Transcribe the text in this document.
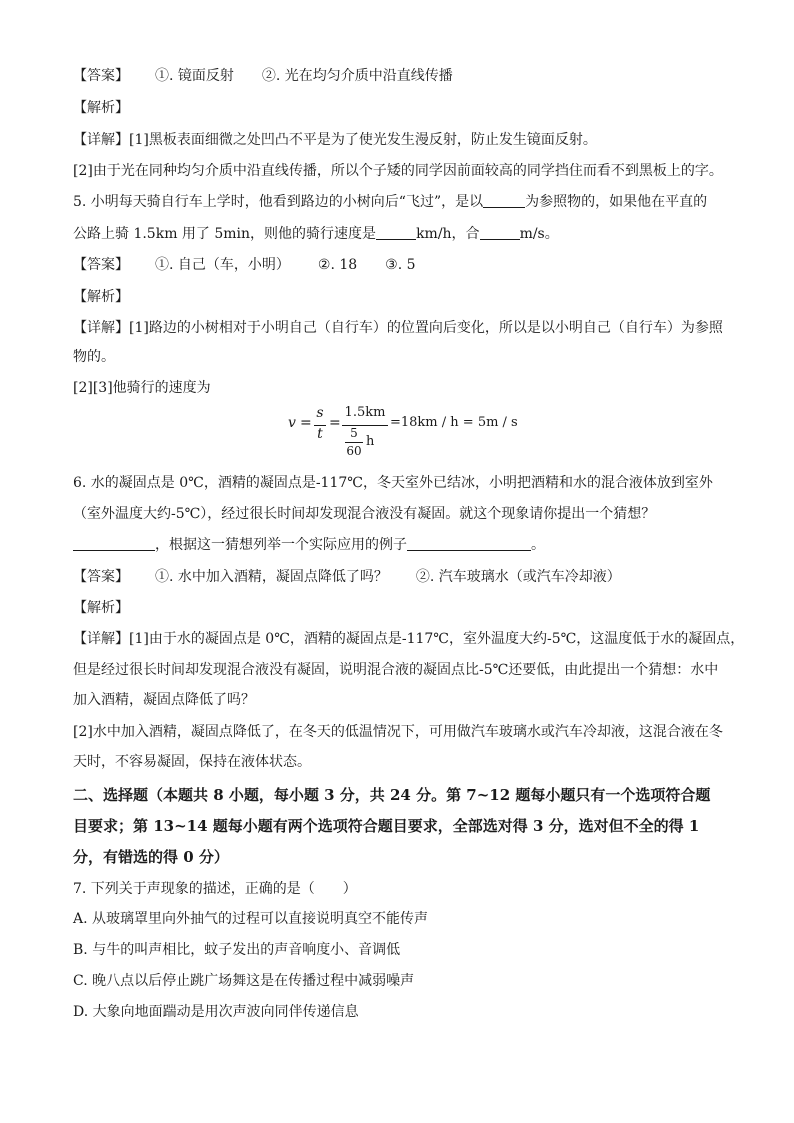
【答案】 ①. 镜面反射 ②. 光在均匀介质中沿直线传播
【解析】
【详解】[1]黑板表面细微之处凹凸不平是为了使光发生漫反射，防止发生镜面反射。
[2]由于光在同种均匀介质中沿直线传播，所以个子矮的同学因前面较高的同学挡住而看不到黑板上的字。
5. 小明每天骑自行车上学时，他看到路边的小树向后“飞过”，是以	为参照物的，如果他在平直的
公路上骑 1.5km 用了 5min，则他的骑行速度是	km/h，合	m/s。
【答案】 ①. 自己（车，小明） ②. 18 ③. 5
【解析】
【详解】[1]路边的小树相对于小明自己（自行车）的位置向后变化，所以是以小明自己（自行车）为参照
物的。
[2][3]他骑行的速度为
v =
s
t
=
1.5km
5
60
h
=18km / h = 5m / s
6. 水的凝固点是 0℃，酒精的凝固点是-117℃，冬天室外已结冰，小明把酒精和水的混合液体放到室外
（室外温度大约-5℃），经过很长时间却发现混合液没有凝固。就这个现象请你提出一个猜想？
，根据这一猜想列举一个实际应用的例子	。
【答案】 ①. 水中加入酒精，凝固点降低了吗？ ②. 汽车玻璃水（或汽车冷却液）
【解析】
【详解】[1]由于水的凝固点是 0℃，酒精的凝固点是-117℃，室外温度大约-5℃，这温度低于水的凝固点，
但是经过很长时间却发现混合液没有凝固，说明混合液的凝固点比-5℃还要低，由此提出一个猜想：水中
加入酒精，凝固点降低了吗？
[2]水中加入酒精，凝固点降低了，在冬天的低温情况下，可用做汽车玻璃水或汽车冷却液，这混合液在冬
天时，不容易凝固，保持在液体状态。
二、选择题（本题共 8 小题，每小题 3 分，共 24 分。第 7~12 题每小题只有一个选项符合题
目要求；第 13~14 题每小题有两个选项符合题目要求，全部选对得 3 分，选对但不全的得 1
分，有错选的得 0 分）
7. 下列关于声现象的描述，正确的是（　　）
A. 从玻璃罩里向外抽气的过程可以直接说明真空不能传声
B. 与牛的叫声相比，蚊子发出的声音响度小、音调低
C. 晚八点以后停止跳广场舞这是在传播过程中减弱噪声
D. 大象向地面踹动是用次声波向同伴传递信息
